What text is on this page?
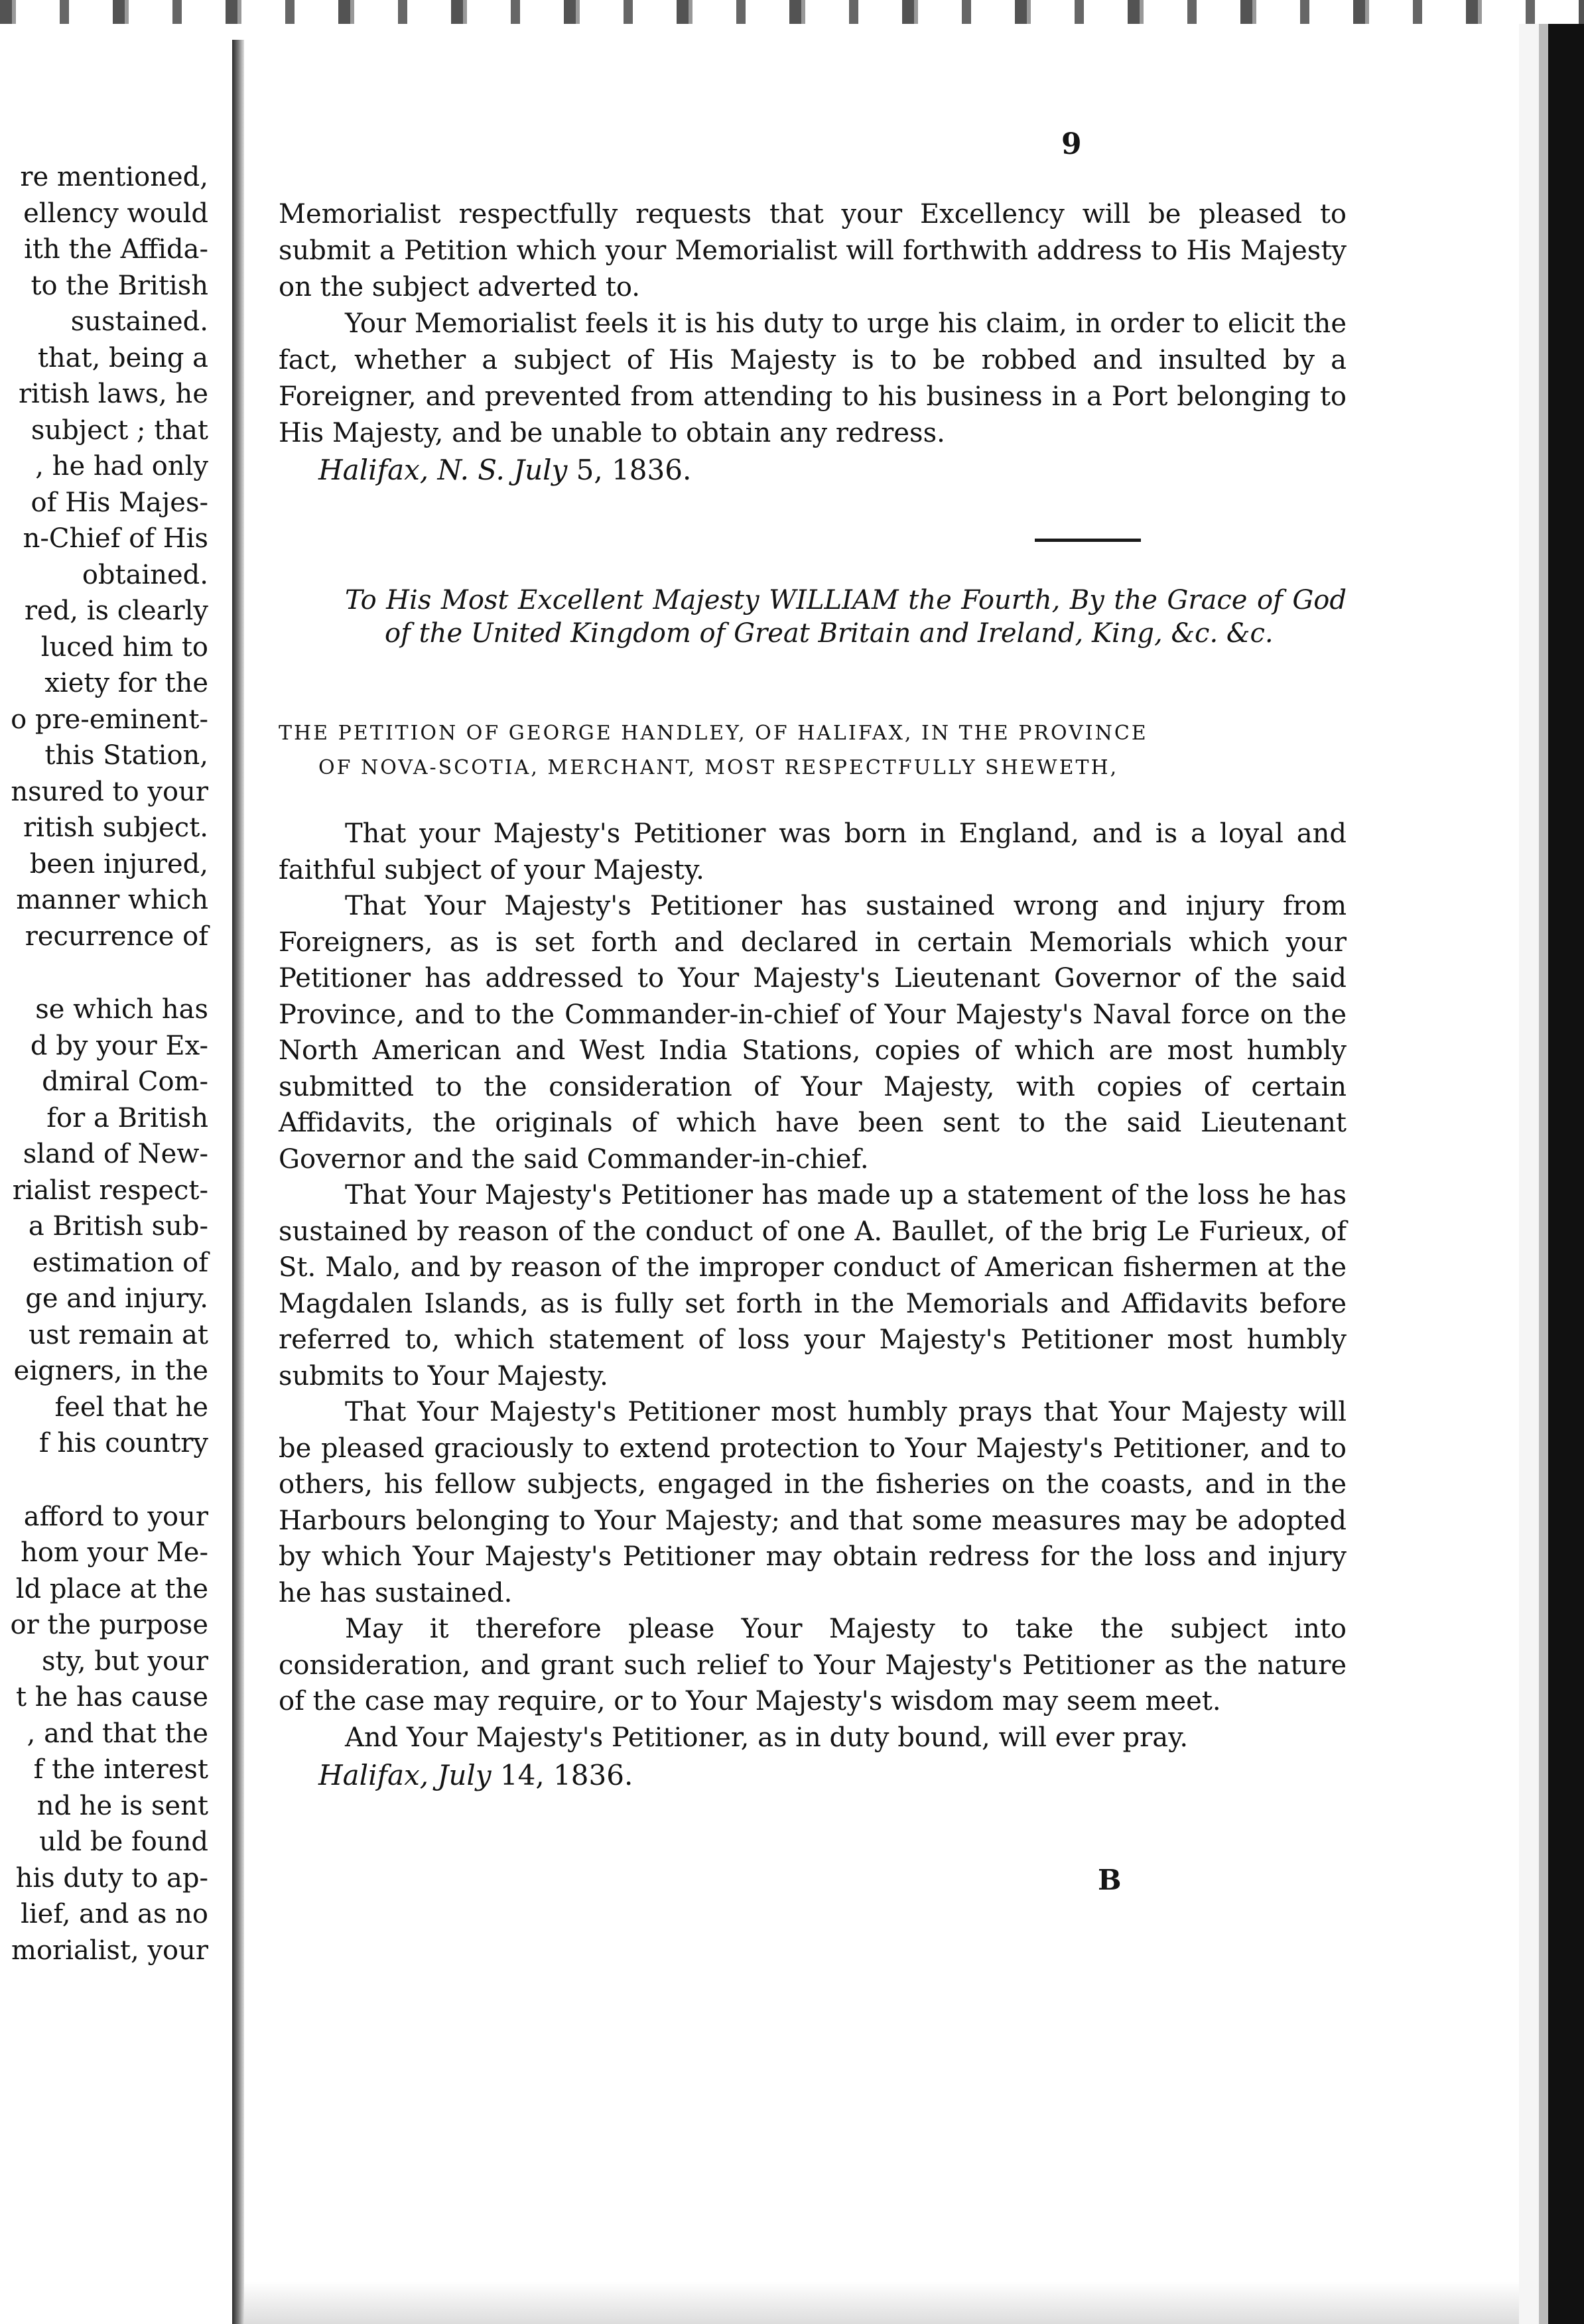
re mentioned,
ellency would
ith the Affida-
to the British
sustained.
that, being a
ritish laws, he
subject ; that
, he had only
of His Majes-
n-Chief of His
obtained.
red, is clearly
luced him to
xiety for the
o pre-eminent-
this Station,
nsured to your
ritish subject.
been injured,
manner which
recurrence of
se which has
d by your Ex-
dmiral Com-
for a British
sland of New-
rialist respect-
a British sub-
estimation of
ge and injury.
ust remain at
eigners, in the
feel that he
f his country
afford to your
hom your Me-
ld place at the
or the purpose
sty, but your
t he has cause
, and that the
f the interest
nd he is sent
uld be found
his duty to ap-
lief, and as no
morialist, your
9

Memorialist respectfully requests that your Excellency will be pleased to submit a Petition which your Memorialist will forthwith address to His Majesty on the subject adverted to.

Your Memorialist feels it is his duty to urge his claim, in order to elicit the fact, whether a subject of His Majesty is to be robbed and insulted by a Foreigner, and prevented from attending to his business in a Port belonging to His Majesty, and be unable to obtain any redress.

Halifax, N. S. July 5, 1836.

To His Most Excellent Majesty WILLIAM the Fourth, By the Grace of God of the United Kingdom of Great Britain and Ireland, King, &c. &c.
THE PETITION OF GEORGE HANDLEY, OF HALIFAX, IN THE PROVINCE

OF NOVA-SCOTIA, MERCHANT, MOST RESPECTFULLY SHEWETH,

That your Majesty's Petitioner was born in England, and is a loyal and faithful subject of your Majesty.

That Your Majesty's Petitioner has sustained wrong and injury from Foreigners, as is set forth and declared in certain Memorials which your Petitioner has addressed to Your Majesty's Lieutenant Governor of the said Province, and to the Commander-in-chief of Your Majesty's Naval force on the North American and West India Stations, copies of which are most humbly submitted to the consideration of Your Majesty, with copies of certain Affidavits, the originals of which have been sent to the said Lieutenant Governor and the said Commander-in-chief.

That Your Majesty's Petitioner has made up a statement of the loss he has sustained by reason of the conduct of one A. Baullet, of the brig Le Furieux, of St. Malo, and by reason of the improper conduct of American fishermen at the Magdalen Islands, as is fully set forth in the Memorials and Affidavits before referred to, which statement of loss your Majesty's Petitioner most humbly submits to Your Majesty.

That Your Majesty's Petitioner most humbly prays that Your Majesty will be pleased graciously to extend protection to Your Majesty's Petitioner, and to others, his fellow subjects, engaged in the fisheries on the coasts, and in the Harbours belonging to Your Majesty; and that some measures may be adopted by which Your Majesty's Petitioner may obtain redress for the loss and injury he has sustained.

May it therefore please Your Majesty to take the subject into consideration, and grant such relief to Your Majesty's Petitioner as the nature of the case may require, or to Your Majesty's wisdom may seem meet.

And Your Majesty's Petitioner, as in duty bound, will ever pray.

Halifax, July 14, 1836.

B
